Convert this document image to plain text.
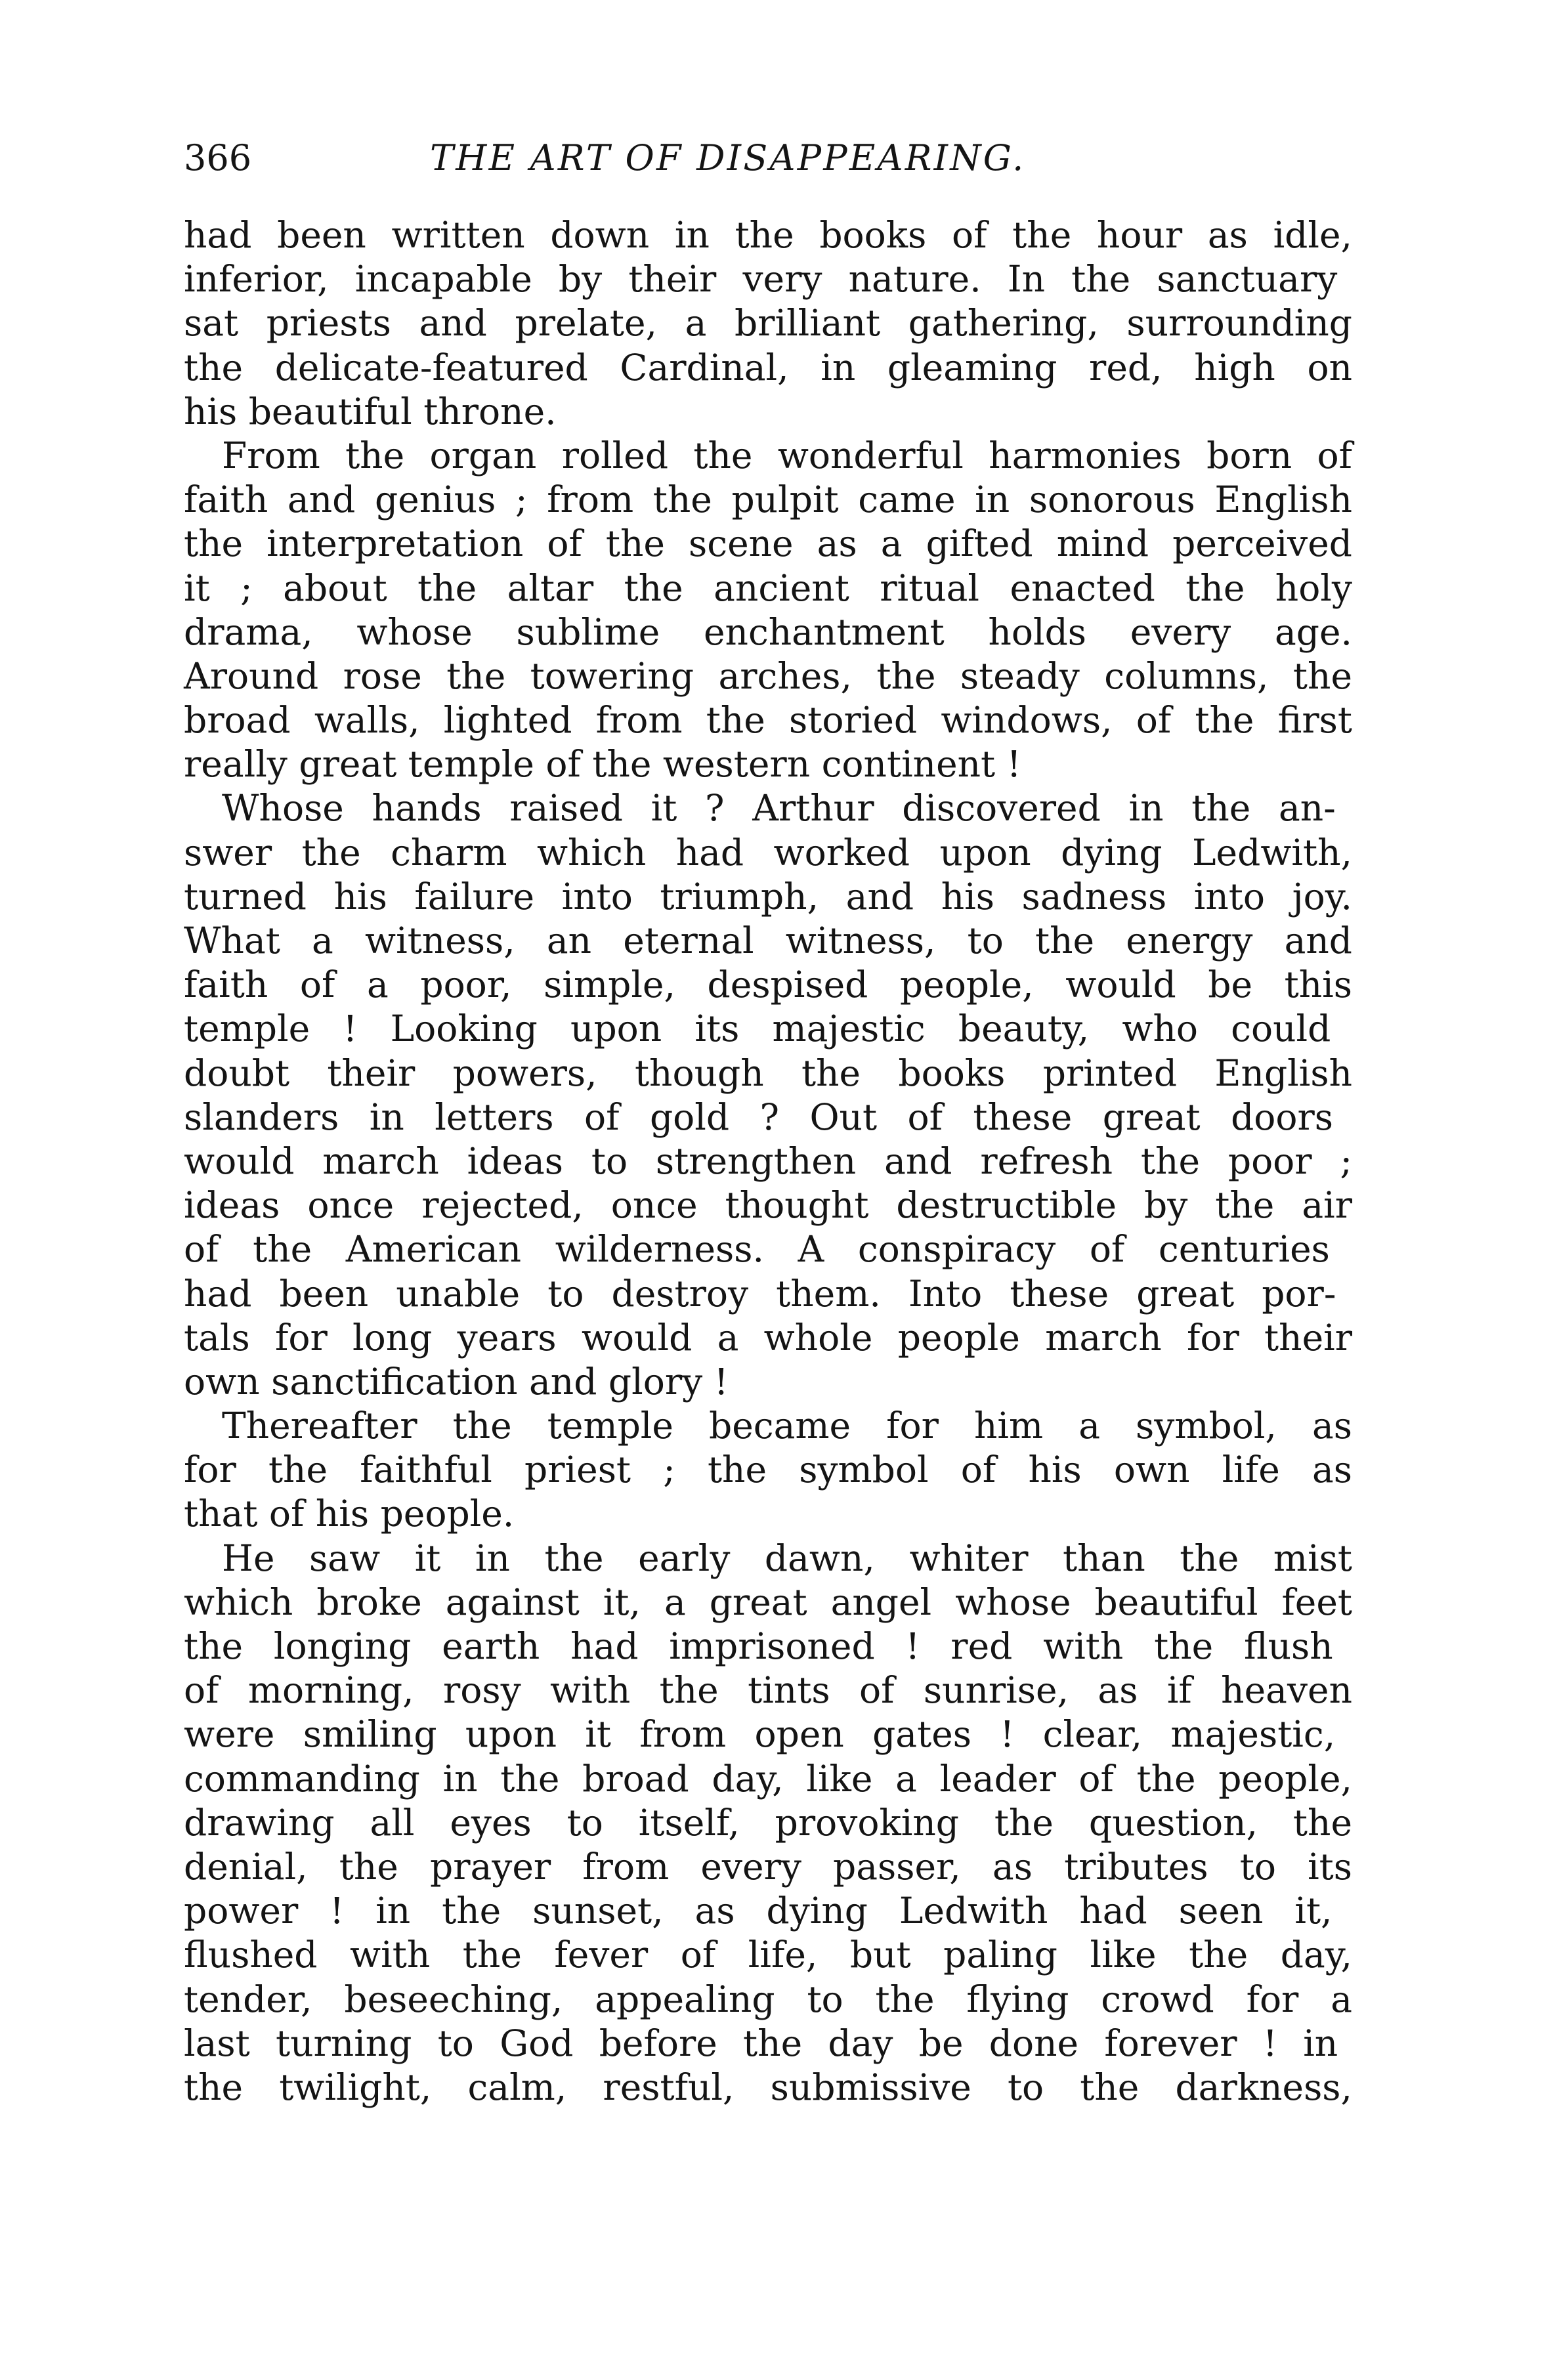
366	THE ART OF DISAPPEARING.
had been written down in the books of the hour as idle,
inferior, incapable by their very nature. In the sanctuary
sat priests and prelate, a brilliant gathering, surrounding
the delicate-featured Cardinal, in gleaming red, high on
his beautiful throne.
From the organ rolled the wonderful harmonies born of
faith and genius ; from the pulpit came in sonorous English
the interpretation of the scene as a gifted mind perceived
it ; about the altar the ancient ritual enacted the holy
drama, whose sublime enchantment holds every age.
Around rose the towering arches, the steady columns, the
broad walls, lighted from the storied windows, of the first
really great temple of the western continent !
Whose hands raised it ? Arthur discovered in the an-
swer the charm which had worked upon dying Ledwith,
turned his failure into triumph, and his sadness into joy.
What a witness, an eternal witness, to the energy and
faith of a poor, simple, despised people, would be this
temple ! Looking upon its majestic beauty, who could
doubt their powers, though the books printed English
slanders in letters of gold ? Out of these great doors
would march ideas to strengthen and refresh the poor ;
ideas once rejected, once thought destructible by the air
of the American wilderness. A conspiracy of centuries
had been unable to destroy them. Into these great por-
tals for long years would a whole people march for their
own sanctification and glory !
Thereafter the temple became for him a symbol, as
for the faithful priest ; the symbol of his own life as
that of his people.
He saw it in the early dawn, whiter than the mist
which broke against it, a great angel whose beautiful feet
the longing earth had imprisoned ! red with the flush
of morning, rosy with the tints of sunrise, as if heaven
were smiling upon it from open gates ! clear, majestic,
commanding in the broad day, like a leader of the people,
drawing all eyes to itself, provoking the question, the
denial, the prayer from every passer, as tributes to its
power ! in the sunset, as dying Ledwith had seen it,
flushed with the fever of life, but paling like the day,
tender, beseeching, appealing to the flying crowd for a
last turning to God before the day be done forever ! in
the twilight, calm, restful, submissive to the darkness,
